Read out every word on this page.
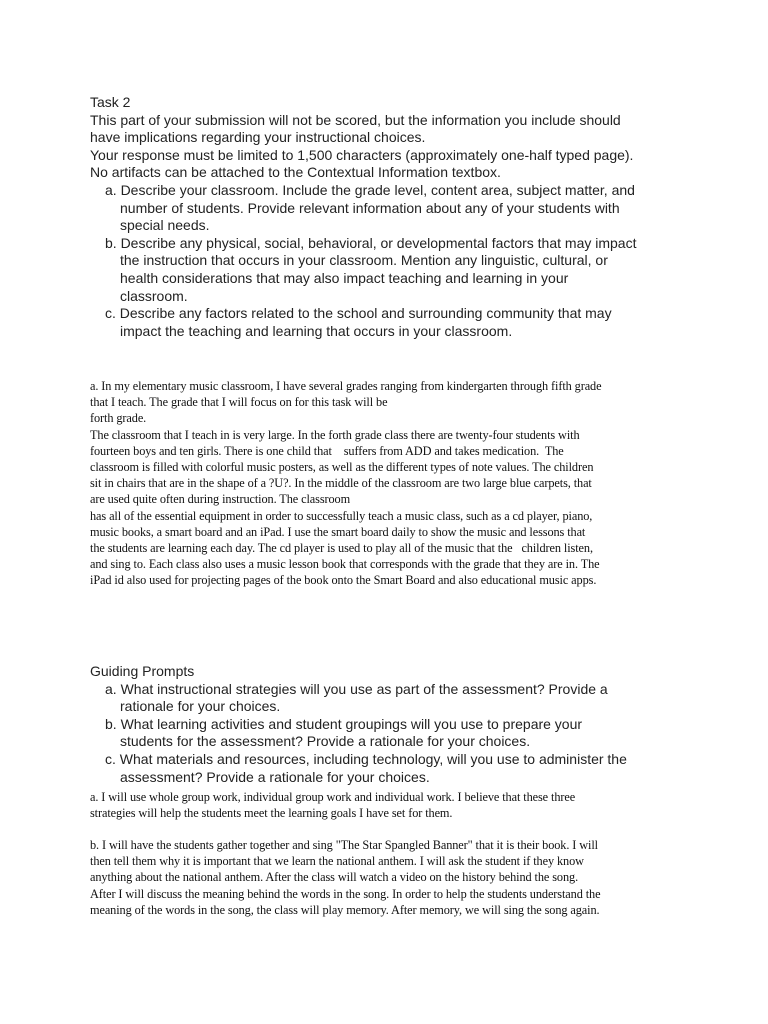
Task 2
This part of your submission will not be scored, but the information you include should
have implications regarding your instructional choices.
Your response must be limited to 1,500 characters (approximately one-half typed page).
No artifacts can be attached to the Contextual Information textbox.
a. Describe your classroom. Include the grade level, content area, subject matter, and
number of students. Provide relevant information about any of your students with
special needs.
b. Describe any physical, social, behavioral, or developmental factors that may impact
the instruction that occurs in your classroom. Mention any linguistic, cultural, or
health considerations that may also impact teaching and learning in your
classroom.
c. Describe any factors related to the school and surrounding community that may
impact the teaching and learning that occurs in your classroom.
a. In my elementary music classroom, I have several grades ranging from kindergarten through fifth grade
that I teach. The grade that I will focus on for this task will be
forth grade.
The classroom that I teach in is very large. In the forth grade class there are twenty-four students with
fourteen boys and ten girls. There is one child that    suffers from ADD and takes medication.  The
classroom is filled with colorful music posters, as well as the different types of note values. The children
sit in chairs that are in the shape of a ?U?. In the middle of the classroom are two large blue carpets, that
are used quite often during instruction. The classroom
has all of the essential equipment in order to successfully teach a music class, such as a cd player, piano,
music books, a smart board and an iPad. I use the smart board daily to show the music and lessons that
the students are learning each day. The cd player is used to play all of the music that the   children listen,
and sing to. Each class also uses a music lesson book that corresponds with the grade that they are in. The
iPad id also used for projecting pages of the book onto the Smart Board and also educational music apps.
Guiding Prompts
a. What instructional strategies will you use as part of the assessment? Provide a
rationale for your choices.
b. What learning activities and student groupings will you use to prepare your
students for the assessment? Provide a rationale for your choices.
c. What materials and resources, including technology, will you use to administer the
assessment? Provide a rationale for your choices.
a. I will use whole group work, individual group work and individual work. I believe that these three
strategies will help the students meet the learning goals I have set for them.
b. I will have the students gather together and sing "The Star Spangled Banner" that it is their book. I will
then tell them why it is important that we learn the national anthem. I will ask the student if they know
anything about the national anthem. After the class will watch a video on the history behind the song.
After I will discuss the meaning behind the words in the song. In order to help the students understand the
meaning of the words in the song, the class will play memory. After memory, we will sing the song again.
